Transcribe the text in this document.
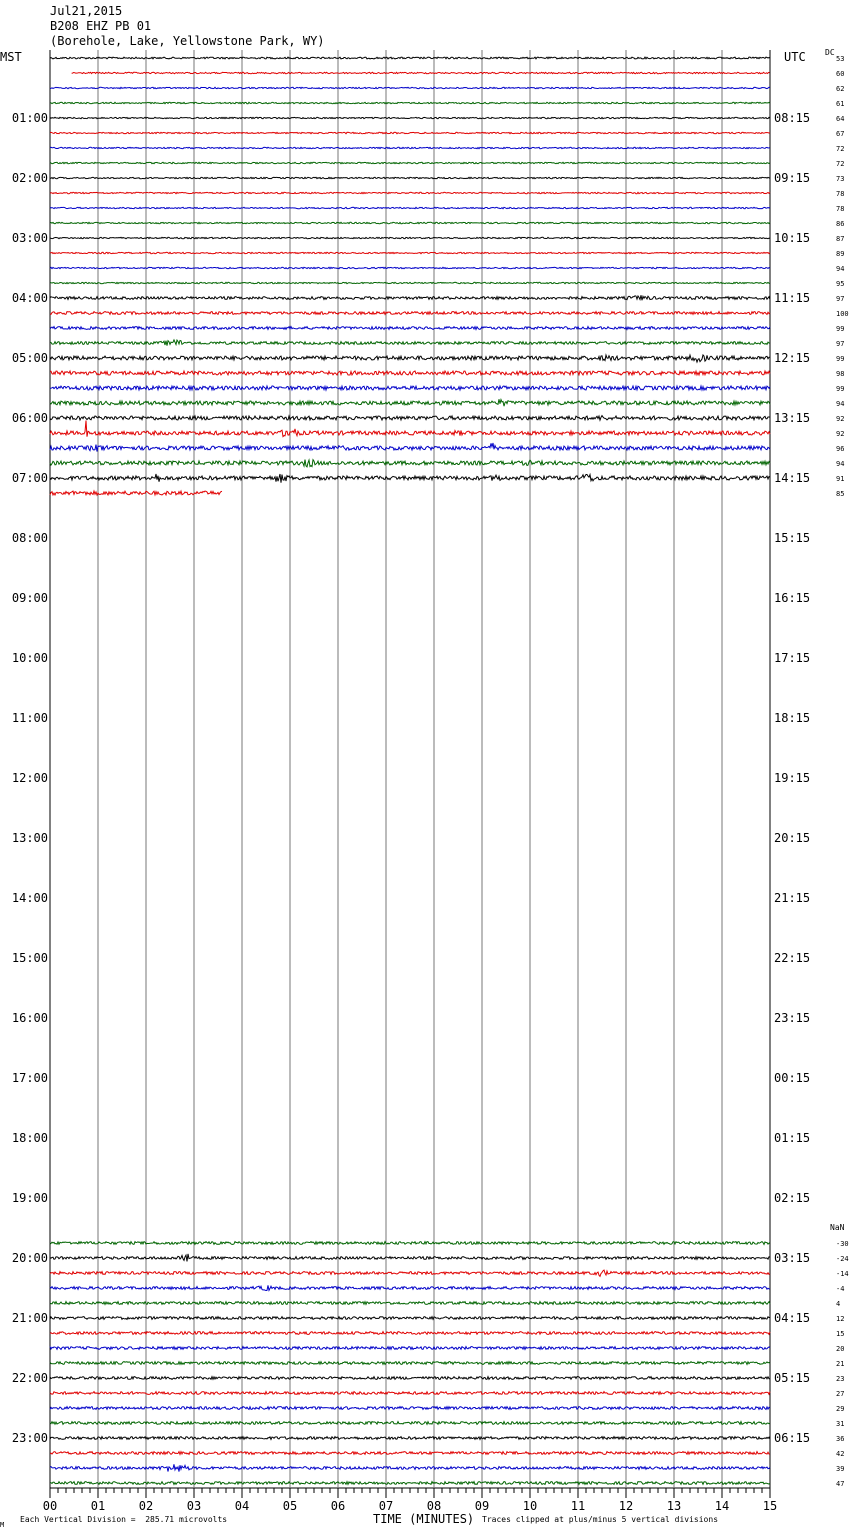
Jul21,2015
B208 EHZ PB 01
(Borehole, Lake, Yellowstone Park, WY)
MST	UTC DC
NaN
00	01	02	03	04	05	06	07	08	09	10	11	12	13	14	15
01:00	08:15
02:00	09:15
03:00	10:15
04:00	11:15
05:00	12:15
06:00	13:15
07:00	14:15
08:00	15:15
09:00	16:15
10:00	17:15
11:00	18:15
12:00	19:15
13:00	20:15
14:00	21:15
15:00	22:15
16:00	23:15
17:00	00:15
18:00	01:15
19:00	02:15
20:00	03:15
21:00	04:15
22:00	05:15
23:00	06:15
53
60
62
61
64
67
72
72
73
78
78
86
87
89
94
95
97
100
99
97
99
98
99
94
92
92
96
94
91
85
-30
-24
-14
-4
4
12
15
20
21
23
27
29
31
36
42
39
47
M
Each Vertical Division =  285.71 microvolts	TIME (MINUTES) Traces clipped at plus/minus 5 vertical divisions
